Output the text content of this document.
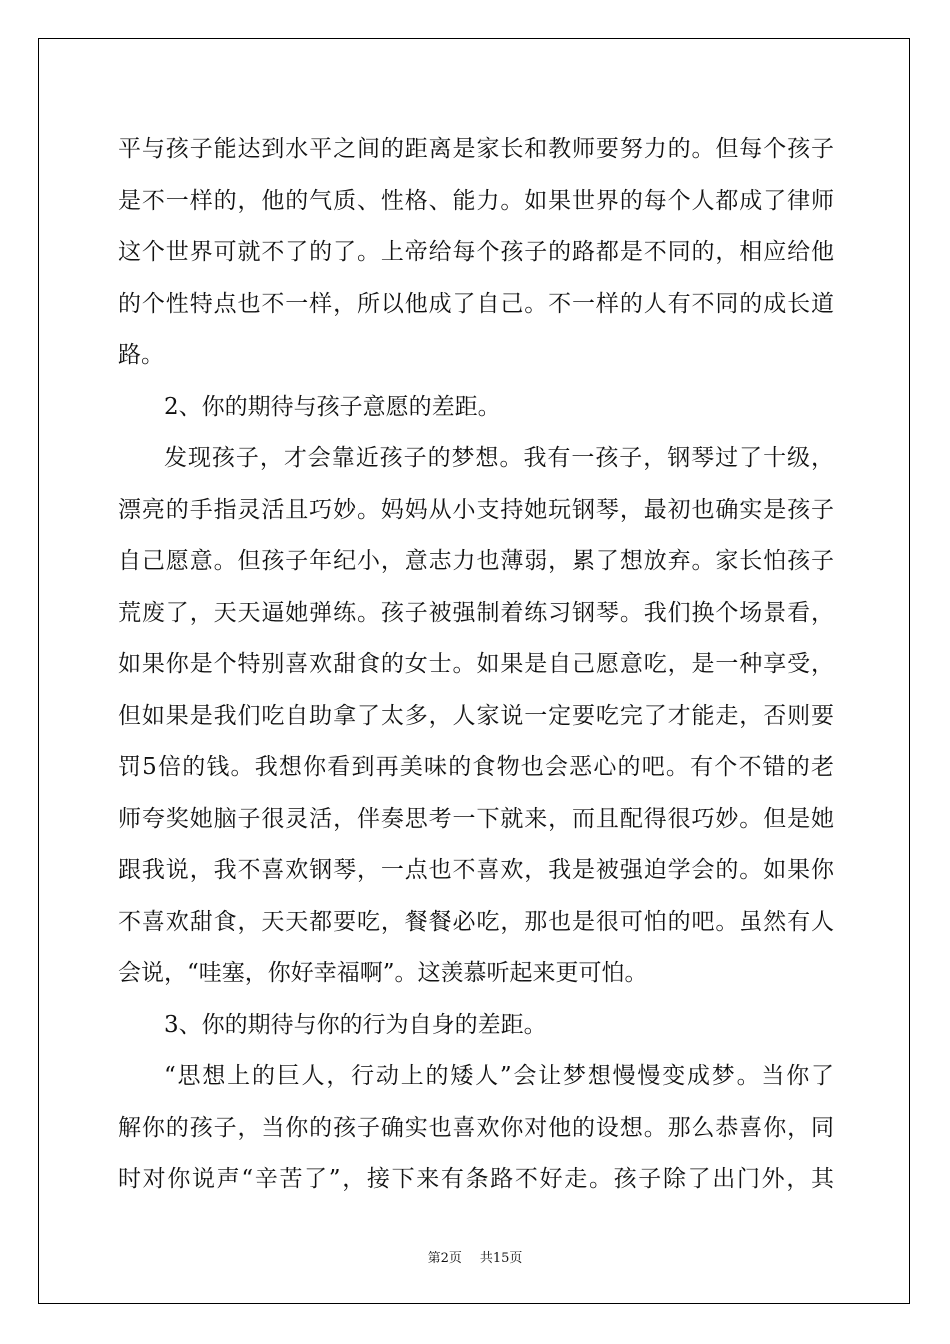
平与孩子能达到水平之间的距离是家长和教师要努力的。但每个孩子
是不一样的，他的气质、性格、能力。如果世界的每个人都成了律师
这个世界可就不了的了。上帝给每个孩子的路都是不同的，相应给他
的个性特点也不一样，所以他成了自己。不一样的人有不同的成长道
路。
2、你的期待与孩子意愿的差距。
发现孩子，才会靠近孩子的梦想。我有一孩子，钢琴过了十级，
漂亮的手指灵活且巧妙。妈妈从小支持她玩钢琴，最初也确实是孩子
自己愿意。但孩子年纪小，意志力也薄弱，累了想放弃。家长怕孩子
荒废了，天天逼她弹练。孩子被强制着练习钢琴。我们换个场景看，
如果你是个特别喜欢甜食的女士。如果是自己愿意吃，是一种享受，
但如果是我们吃自助拿了太多，人家说一定要吃完了才能走，否则要
罚5倍的钱。我想你看到再美味的食物也会恶心的吧。有个不错的老
师夸奖她脑子很灵活，伴奏思考一下就来，而且配得很巧妙。但是她
跟我说，我不喜欢钢琴，一点也不喜欢，我是被强迫学会的。如果你
不喜欢甜食，天天都要吃，餐餐必吃，那也是很可怕的吧。虽然有人
会说，“哇塞，你好幸福啊”。这羡慕听起来更可怕。
3、你的期待与你的行为自身的差距。
“思想上的巨人，行动上的矮人”会让梦想慢慢变成梦。当你了
解你的孩子，当你的孩子确实也喜欢你对他的设想。那么恭喜你，同
时对你说声“辛苦了”，接下来有条路不好走。孩子除了出门外，其
第2页 共15页
